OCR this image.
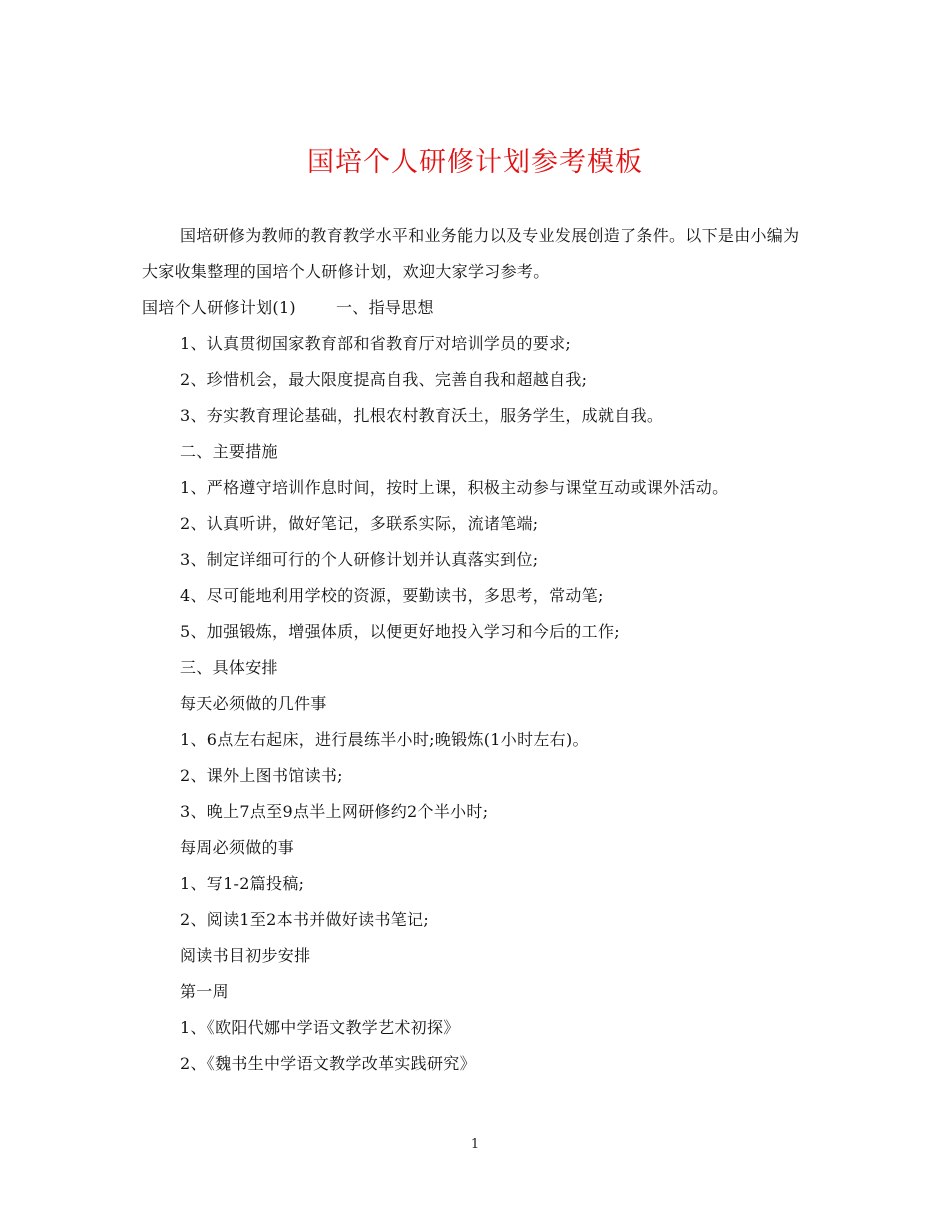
国培个人研修计划参考模板

国培研修为教师的教育教学水平和业务能力以及专业发展创造了条件。以下是由小编为大家收集整理的国培个人研修计划，欢迎大家学习参考。

国培个人研修计划(1)	一、指导思想

1、认真贯彻国家教育部和省教育厅对培训学员的要求;

2、珍惜机会，最大限度提高自我、完善自我和超越自我;

3、夯实教育理论基础，扎根农村教育沃土，服务学生，成就自我。

二、主要措施

1、严格遵守培训作息时间，按时上课，积极主动参与课堂互动或课外活动。

2、认真听讲，做好笔记，多联系实际，流诸笔端;

3、制定详细可行的个人研修计划并认真落实到位;

4、尽可能地利用学校的资源，要勤读书，多思考，常动笔;

5、加强锻炼，增强体质，以便更好地投入学习和今后的工作;

三、具体安排

每天必须做的几件事

1、6点左右起床，进行晨练半小时;晚锻炼(1小时左右)。

2、课外上图书馆读书;

3、晚上7点至9点半上网研修约2个半小时;

每周必须做的事

1、写1-2篇投稿;

2、阅读1至2本书并做好读书笔记;

阅读书目初步安排

第一周

1、《欧阳代娜中学语文教学艺术初探》

2、《魏书生中学语文教学改革实践研究》

1
